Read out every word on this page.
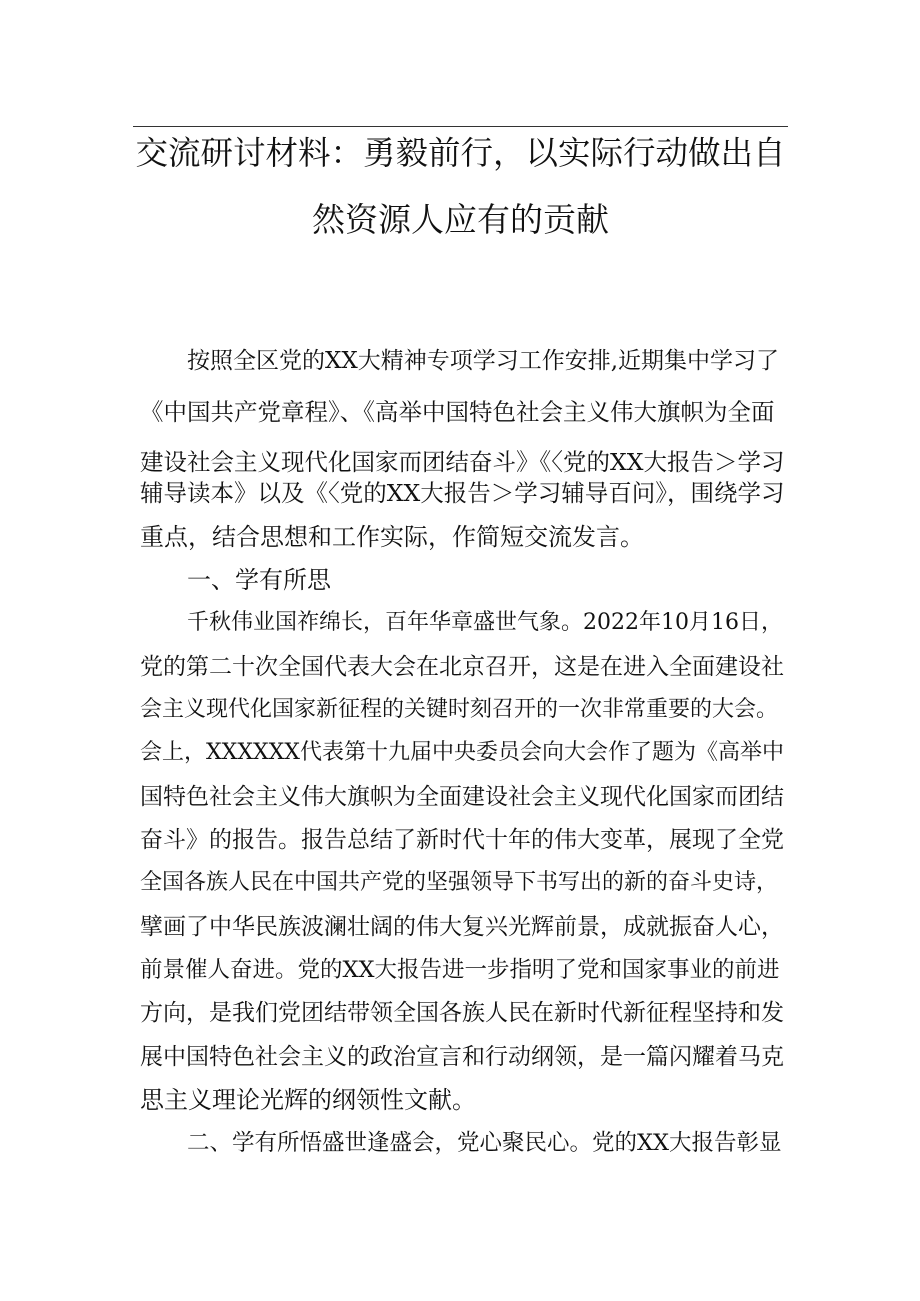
交流研讨材料：勇毅前行，以实际行动做出自
然资源人应有的贡献
按照全区党的XX大精神专项学习工作安排,近期集中学习了
《中国共产党章程》、《高举中国特色社会主义伟大旗帜为全面
建设社会主义现代化国家而团结奋斗》《〈党的XX大报告＞学习
辅导读本》以及《〈党的XX大报告＞学习辅导百问》，围绕学习
重点，结合思想和工作实际，作简短交流发言。
一、学有所思
千秋伟业国祚绵长，百年华章盛世气象。2022年10月16日，
党的第二十次全国代表大会在北京召开，这是在进入全面建设社
会主义现代化国家新征程的关键时刻召开的一次非常重要的大会。
会上，XXXXXX代表第十九届中央委员会向大会作了题为《高举中
国特色社会主义伟大旗帜为全面建设社会主义现代化国家而团结
奋斗》的报告。报告总结了新时代十年的伟大变革，展现了全党
全国各族人民在中国共产党的坚强领导下书写出的新的奋斗史诗，
擘画了中华民族波澜壮阔的伟大复兴光辉前景，成就振奋人心，
前景催人奋进。党的XX大报告进一步指明了党和国家事业的前进
方向，是我们党团结带领全国各族人民在新时代新征程坚持和发
展中国特色社会主义的政治宣言和行动纲领，是一篇闪耀着马克
思主义理论光辉的纲领性文献。
二、学有所悟盛世逢盛会，党心聚民心。党的XX大报告彰显
